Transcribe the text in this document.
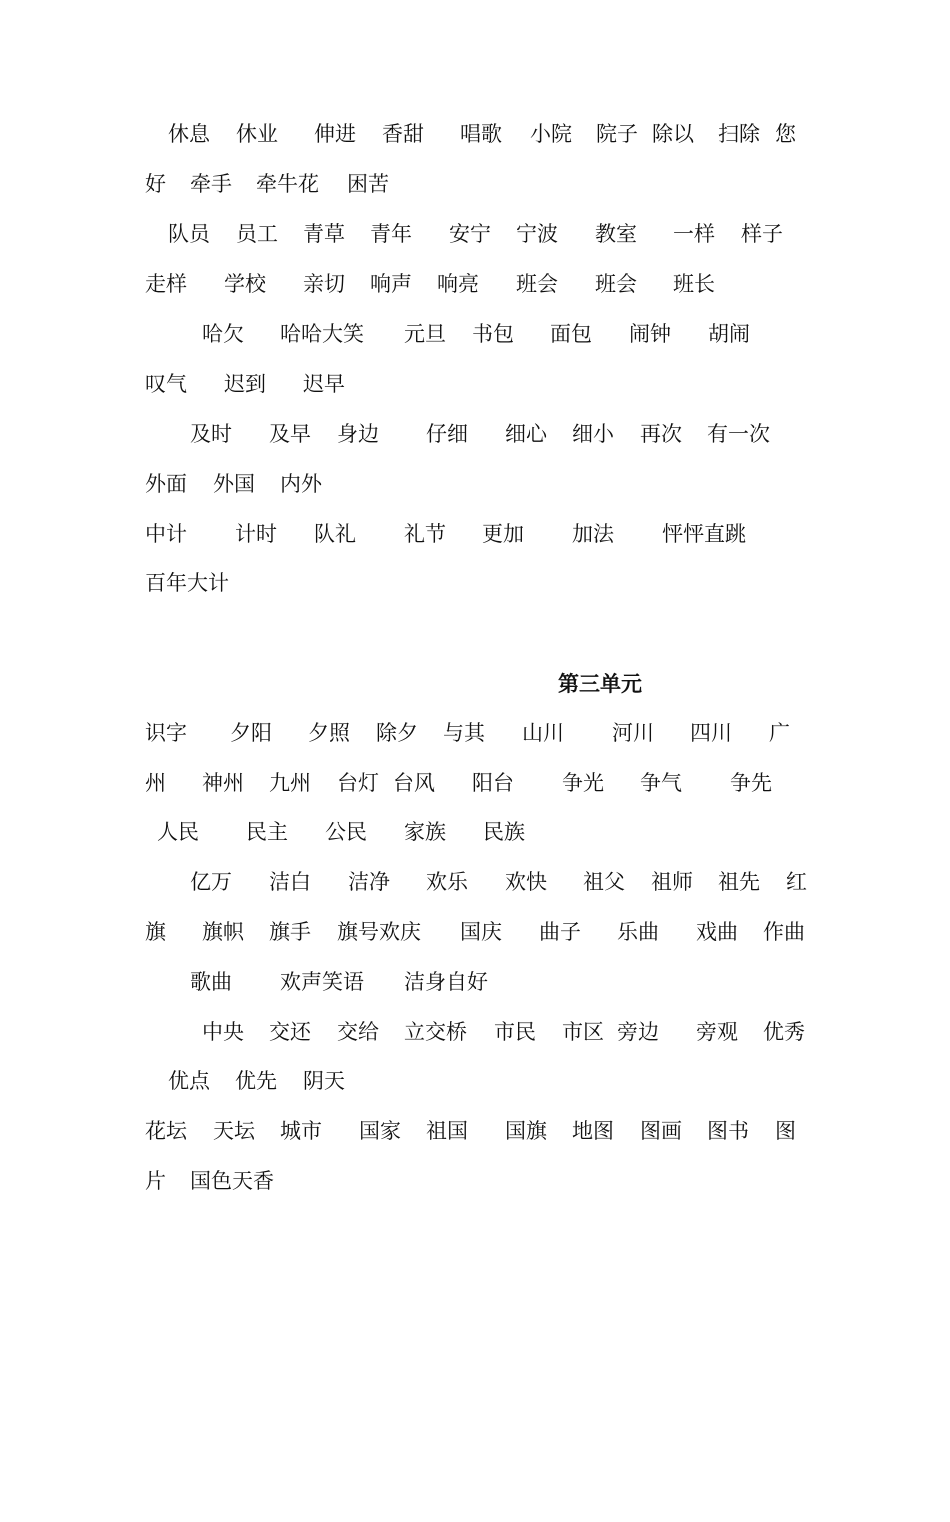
休息

休业

伸进

香甜

唱歌

小院

院子

除以

扫除

您

好

牵手

牵牛花

困苦

队员

员工

青草

青年

安宁

宁波

教室

一样

样子

走样

学校

亲切

响声

响亮

班会

班会

班长

哈欠

哈哈大笑

元旦

书包

面包

闹钟

胡闹

叹气

迟到

迟早

及时

及早

身边

仔细

细心

细小

再次

有一次

外面

外国

内外

中计

计时

队礼

礼节

更加

加法

怦怦直跳

百年大计

第三单元

识字

夕阳

夕照

除夕

与其

山川

河川

四川

广

州

神州

九州

台灯

台风

阳台

争光

争气

争先

人民

民主

公民

家族

民族

亿万

洁白

洁净

欢乐

欢快

祖父

祖师

祖先

红

旗

旗帜

旗手

旗号欢庆

国庆

曲子

乐曲

戏曲

作曲

歌曲

欢声笑语

洁身自好

中央

交还

交给

立交桥

市民

市区

旁边

旁观

优秀

优点

优先

阴天

花坛

天坛

城市

国家

祖国

国旗

地图

图画

图书

图

片

国色天香
